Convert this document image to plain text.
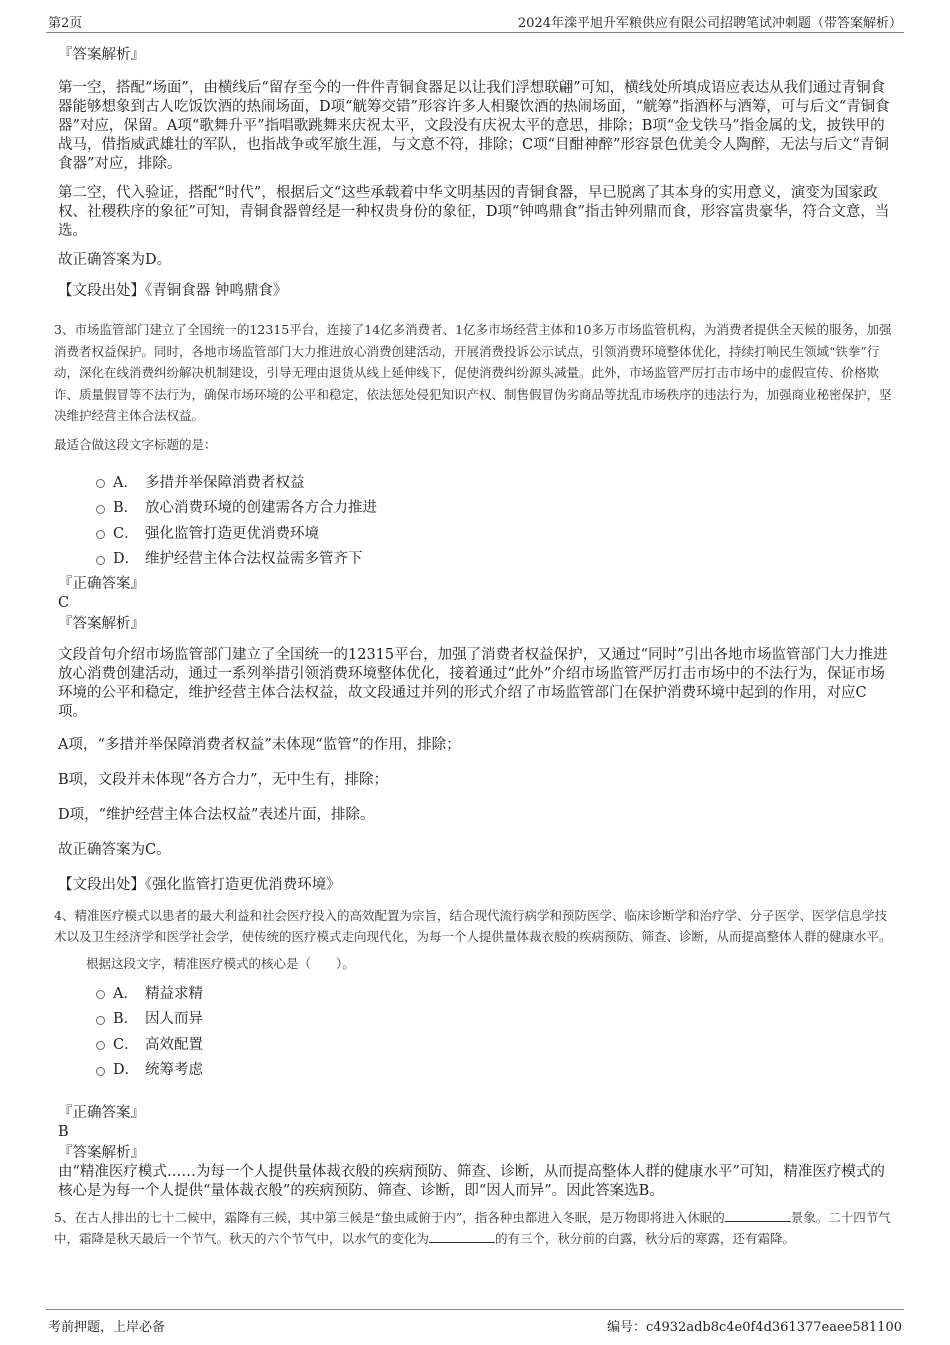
第2页	2024年滦平旭升军粮供应有限公司招聘笔试冲刺题（带答案解析）
『答案解析』

第一空，搭配“场面”，由横线后“留存至今的一件件青铜食器足以让我们浮想联翩”可知，横线处所填成语应表达从我们通过青铜食器能够想象到古人吃饭饮酒的热闹场面，D项“觥筹交错”形容许多人相聚饮酒的热闹场面，“觥筹”指酒杯与酒筹，可与后文“青铜食器”对应，保留。A项“歌舞升平”指唱歌跳舞来庆祝太平，文段没有庆祝太平的意思，排除；B项“金戈铁马”指金属的戈，披铁甲的战马，借指威武雄壮的军队，也指战争或军旅生涯，与文意不符，排除；C项“目酣神醉”形容景色优美令人陶醉，无法与后文“青铜食器”对应，排除。

第二空，代入验证，搭配“时代”，根据后文“这些承载着中华文明基因的青铜食器，早已脱离了其本身的实用意义，演变为国家政权、社稷秩序的象征”可知，青铜食器曾经是一种权贵身份的象征，D项“钟鸣鼎食”指击钟列鼎而食，形容富贵豪华，符合文意，当选。

故正确答案为D。

【文段出处】《青铜食器 钟鸣鼎食》

3、市场监管部门建立了全国统一的12315平台，连接了14亿多消费者、1亿多市场经营主体和10多万市场监管机构，为消费者提供全天候的服务，加强消费者权益保护。同时，各地市场监管部门大力推进放心消费创建活动，开展消费投诉公示试点，引领消费环境整体优化，持续打响民生领域“铁拳”行动，深化在线消费纠纷解决机制建设，引导无理由退货从线上延伸线下，促使消费纠纷源头减量。此外，市场监管严厉打击市场中的虚假宣传、价格欺诈、质量假冒等不法行为，确保市场环境的公平和稳定，依法惩处侵犯知识产权、制售假冒伪劣商品等扰乱市场秩序的违法行为，加强商业秘密保护，坚决维护经营主体合法权益。

最适合做这段文字标题的是：

A． 多措并举保障消费者权益
B． 放心消费环境的创建需各方合力推进
C． 强化监管打造更优消费环境
D． 维护经营主体合法权益需多管齐下
『正确答案』
C
『答案解析』

文段首句介绍市场监管部门建立了全国统一的12315平台，加强了消费者权益保护，又通过“同时”引出各地市场监管部门大力推进放心消费创建活动，通过一系列举措引领消费环境整体优化，接着通过“此外”介绍市场监管严厉打击市场中的不法行为，保证市场环境的公平和稳定，维护经营主体合法权益，故文段通过并列的形式介绍了市场监管部门在保护消费环境中起到的作用，对应C项。

A项，“多措并举保障消费者权益”未体现“监管”的作用，排除；

B项，文段并未体现“各方合力”，无中生有，排除；

D项，“维护经营主体合法权益”表述片面，排除。

故正确答案为C。

【文段出处】《强化监管打造更优消费环境》

4、精准医疗模式以患者的最大利益和社会医疗投入的高效配置为宗旨，结合现代流行病学和预防医学、临床诊断学和治疗学、分子医学、医学信息学技术以及卫生经济学和医学社会学，使传统的医疗模式走向现代化，为每一个人提供量体裁衣般的疾病预防、筛查、诊断，从而提高整体人群的健康水平。

根据这段文字，精准医疗模式的核心是（　　）。

A． 精益求精
B． 因人而异
C． 高效配置
D． 统筹考虑
『正确答案』
B
『答案解析』

由“精准医疗模式……为每一个人提供量体裁衣般的疾病预防、筛查、诊断，从而提高整体人群的健康水平”可知，精准医疗模式的核心是为每一个人提供“量体裁衣般”的疾病预防、筛查、诊断，即“因人而异”。因此答案选B。

5、在古人排出的七十二候中，霜降有三候，其中第三候是“蛰虫咸俯于内”，指各种虫都进入冬眠，是万物即将进入休眠的	景象。二十四节气中，霜降是秋天最后一个节气。秋天的六个节气中，以水气的变化为	的有三个，秋分前的白露，秋分后的寒露，还有霜降。

考前押题，上岸必备	编号：c4932adb8c4e0f4d361377eaee581100
